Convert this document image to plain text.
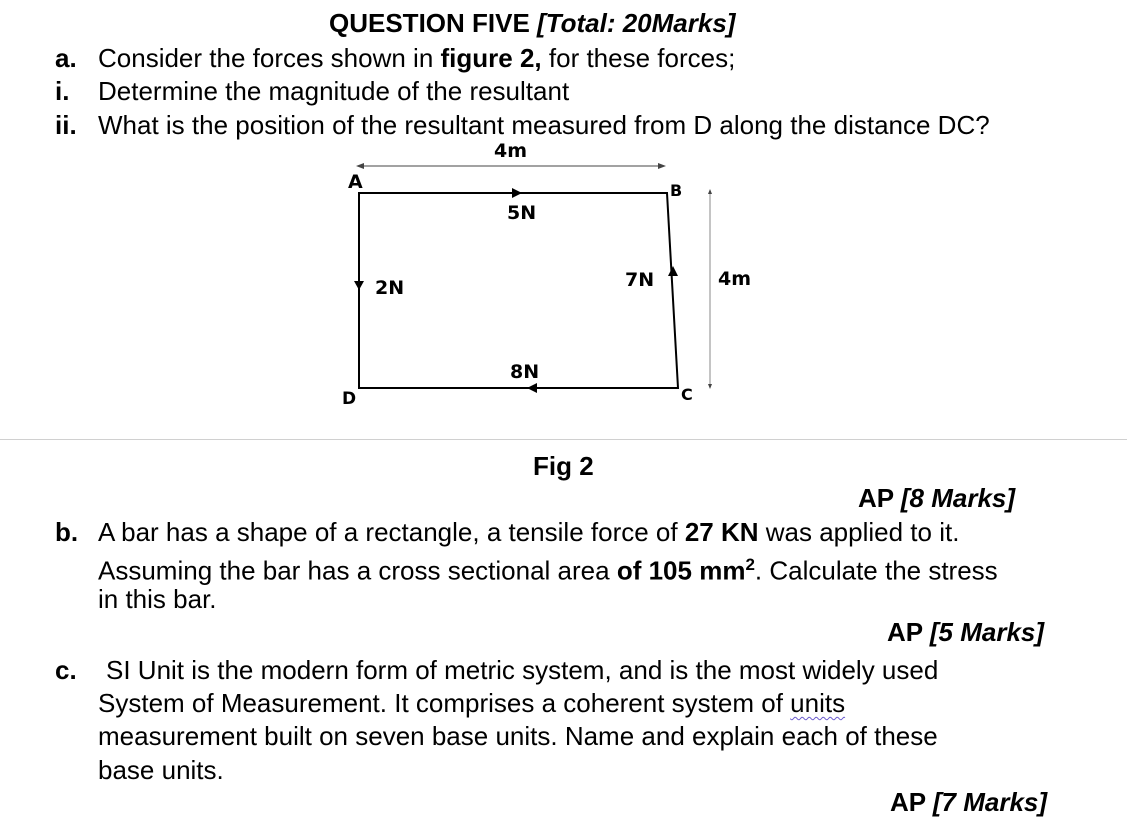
QUESTION FIVE [Total: 20Marks]
a. Consider the forces shown in figure 2, for these forces;
i. Determine the magnitude of the resultant
ii. What is the position of the resultant measured from D along the distance DC?
4m
4m
A	B
C
D
5N
2N	7N
8N
Fig 2
AP [8 Marks]
b. A bar has a shape of a rectangle, a tensile force of 27 KN was applied to it.
Assuming the bar has a cross sectional area of 105 $mm^2$. Calculate the stress
in this bar.
AP [5 Marks]
c. SI Unit is the modern form of metric system, and is the most widely used
System of Measurement. It comprises a coherent system of units
measurement built on seven base units. Name and explain each of these
base units.
AP [7 Marks]
